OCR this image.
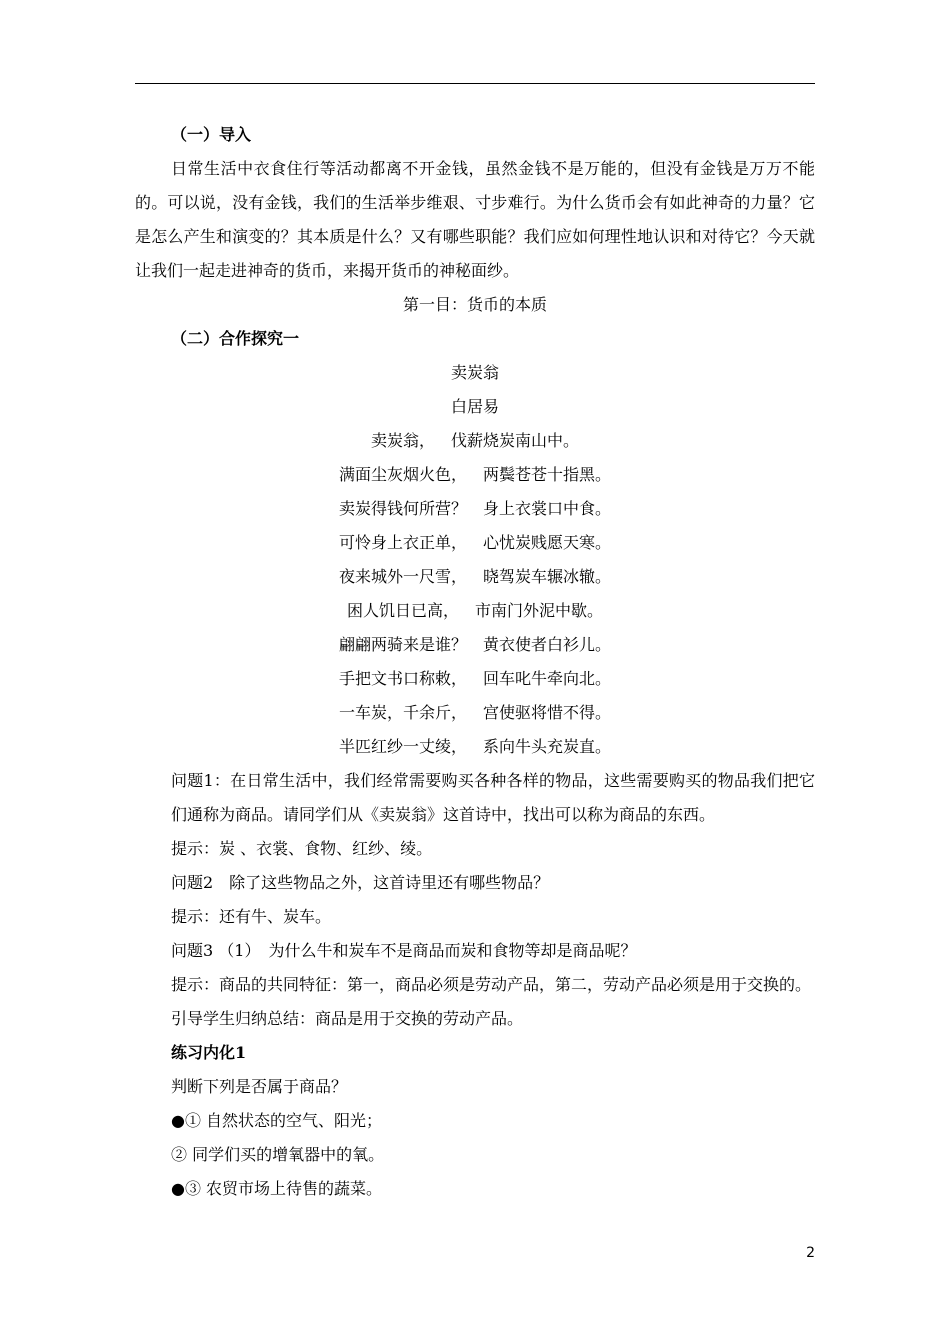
（一）导入

日常生活中衣食住行等活动都离不开金钱，虽然金钱不是万能的，但没有金钱是万万不能的。可以说，没有金钱，我们的生活举步维艰、寸步难行。为什么货币会有如此神奇的力量？它是怎么产生和演变的？其本质是什么？又有哪些职能？我们应如何理性地认识和对待它？今天就让我们一起走进神奇的货币，来揭开货币的神秘面纱。

第一目：货币的本质

（二）合作探究一

卖炭翁
白居易
卖炭翁， 伐薪烧炭南山中。
满面尘灰烟火色， 两鬓苍苍十指黑。
卖炭得钱何所营？ 身上衣裳口中食。
可怜身上衣正单， 心忧炭贱愿天寒。
夜来城外一尺雪， 晓驾炭车辗冰辙。
困人饥日已高， 市南门外泥中歇。
翩翩两骑来是谁？ 黄衣使者白衫儿。
手把文书口称敕， 回车叱牛牵向北。
一车炭，千余斤， 宫使驱将惜不得。
半匹红纱一丈绫， 系向牛头充炭直。

问题1：在日常生活中，我们经常需要购买各种各样的物品，这些需要购买的物品我们把它们通称为商品。请同学们从《卖炭翁》这首诗中，找出可以称为商品的东西。

提示：炭 、衣裳、食物、红纱、绫。

问题2　除了这些物品之外，这首诗里还有哪些物品？

提示：还有牛、炭车。

问题3 （1）　为什么牛和炭车不是商品而炭和食物等却是商品呢？

提示：商品的共同特征：第一，商品必须是劳动产品，第二，劳动产品必须是用于交换的。

引导学生归纳总结：商品是用于交换的劳动产品。

练习内化1

判断下列是否属于商品？

●① 自然状态的空气、阳光；

② 同学们买的增氧器中的氧。

●③ 农贸市场上待售的蔬菜。

2
